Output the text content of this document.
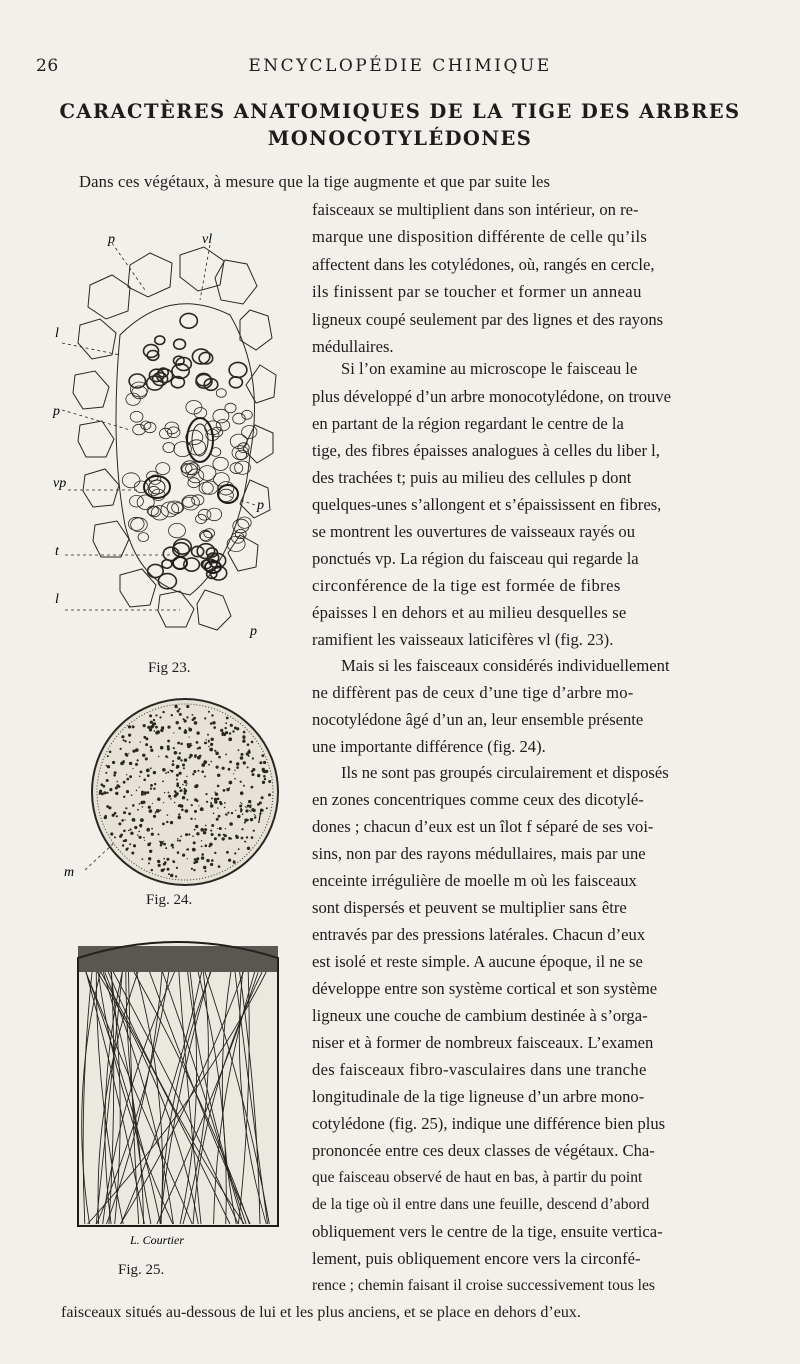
26	ENCYCLOPÉDIE CHIMIQUE
CARACTÈRES ANATOMIQUES DE LA TIGE DES ARBRES MONOCOTYLÉDONES
Dans ces végétaux, à mesure que la tige augmente et que par suite les
faisceaux se multiplient dans son intérieur, on re-
marque une disposition différente de celle qu’ils
affectent dans les cotylédones, où, rangés en cercle,
ils finissent par se toucher et former un anneau
ligneux coupé seulement par des lignes et des rayons
médullaires.
Si l’on examine au microscope le faisceau le
plus développé d’un arbre monocotylédone, on trouve
en partant de la région regardant le centre de la
tige, des fibres épaisses analogues à celles du liber l,
des trachées t; puis au milieu des cellules p dont
quelques-unes s’allongent et s’épaississent en fibres,
se montrent les ouvertures de vaisseaux rayés ou
ponctués vp. La région du faisceau qui regarde la
circonférence de la tige est formée de fibres
épaisses l en dehors et au milieu desquelles se
ramifient les vaisseaux laticifères vl (fig. 23).
Mais si les faisceaux considérés individuellement
ne diffèrent pas de ceux d’une tige d’arbre mo-
nocotylédone âgé d’un an, leur ensemble présente
une importante différence (fig. 24).
Ils ne sont pas groupés circulairement et disposés
en zones concentriques comme ceux des dicotylé-
dones ; chacun d’eux est un îlot f séparé de ses voi-
sins, non par des rayons médullaires, mais par une
enceinte irrégulière de moelle m où les faisceaux
sont dispersés et peuvent se multiplier sans être
entravés par des pressions latérales. Chacun d’eux
est isolé et reste simple. A aucune époque, il ne se
développe entre son système cortical et son système
ligneux une couche de cambium destinée à s’orga-
niser et à former de nombreux faisceaux. L’examen
des faisceaux fibro-vasculaires dans une tranche
longitudinale de la tige ligneuse d’un arbre mono-
cotylédone (fig. 25), indique une différence bien plus
prononcée entre ces deux classes de végétaux. Cha-
que faisceau observé de haut en bas, à partir du point
de la tige où il entre dans une feuille, descend d’abord
obliquement vers le centre de la tige, ensuite vertica-
lement, puis obliquement encore vers la circonfé-
rence ; chemin faisant il croise successivement tous les
faisceaux situés au-dessous de lui et les plus anciens, et se place en dehors d’eux.
p	vl
l
p
vp
p
t
l
p
Fig 23.
f
m
Fig. 24.
L. Courtier
Fig. 25.
